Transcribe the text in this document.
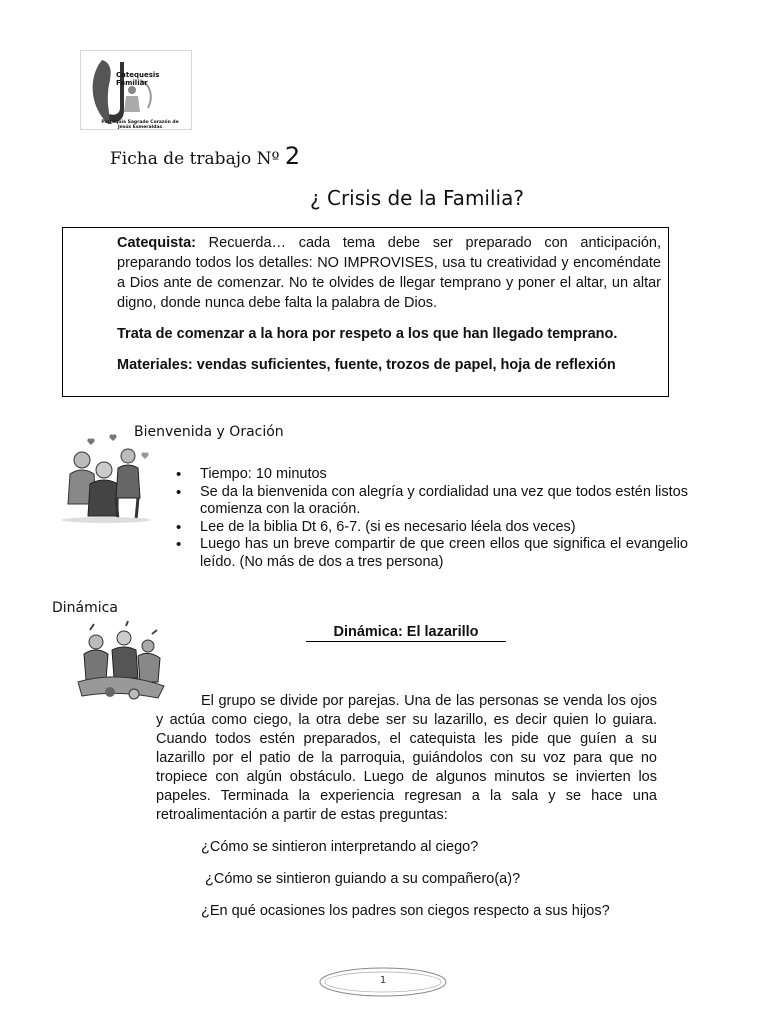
Catequesis Familiar
Parroquia Sagrado Corazón de Jesús Esmeraldas
Ficha de trabajo Nº 2
¿ Crisis de la Familia?

Catequista: Recuerda… cada tema debe ser preparado con anticipación, preparando todos los detalles: NO IMPROVISES, usa tu creatividad y encoméndate a Dios ante de comenzar. No te olvides de llegar temprano y poner el altar, un altar digno, donde nunca debe falta la palabra de Dios.

Trata de comenzar a la hora por respeto a los que han llegado temprano.

Materiales: vendas suficientes, fuente, trozos de papel, hoja de reflexión

Bienvenida y Oración
• Tiempo: 10 minutos
• Se da la bienvenida con alegría y cordialidad una vez que todos estén listos comienza con la oración.
• Lee de la biblia Dt 6, 6-7. (si es necesario léela dos veces)
• Luego has un breve compartir de que creen ellos que significa el evangelio leído. (No más de dos a tres persona)
Dinámica
Dinámica: El lazarillo

El grupo se divide por parejas. Una de las personas se venda los ojos y actúa como ciego, la otra debe ser su lazarillo, es decir quien lo guiara. Cuando todos estén preparados, el catequista les pide que guíen a su lazarillo por el patio de la parroquia, guiándolos con su voz para que no tropiece con algún obstáculo. Luego de algunos minutos se invierten los papeles. Terminada la experiencia regresan a la sala y se hace una retroalimentación a partir de estas preguntas:

¿Cómo se sintieron interpretando al ciego?
¿Cómo se sintieron guiando a su compañero(a)?
¿En qué ocasiones los padres son ciegos respecto a sus hijos?
1
